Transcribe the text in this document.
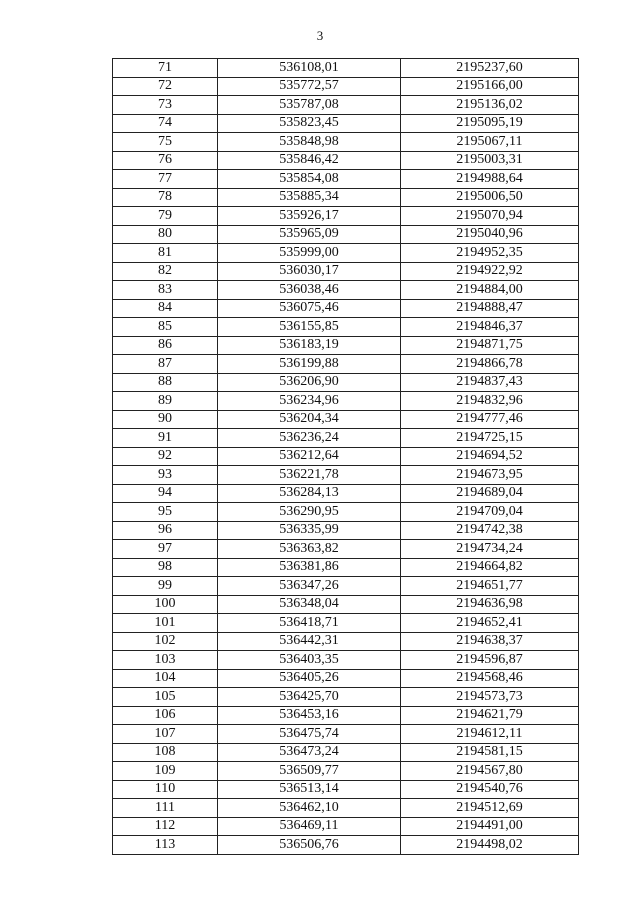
3
71	536108,01	2195237,60
72	535772,57	2195166,00
73	535787,08	2195136,02
74	535823,45	2195095,19
75	535848,98	2195067,11
76	535846,42	2195003,31
77	535854,08	2194988,64
78	535885,34	2195006,50
79	535926,17	2195070,94
80	535965,09	2195040,96
81	535999,00	2194952,35
82	536030,17	2194922,92
83	536038,46	2194884,00
84	536075,46	2194888,47
85	536155,85	2194846,37
86	536183,19	2194871,75
87	536199,88	2194866,78
88	536206,90	2194837,43
89	536234,96	2194832,96
90	536204,34	2194777,46
91	536236,24	2194725,15
92	536212,64	2194694,52
93	536221,78	2194673,95
94	536284,13	2194689,04
95	536290,95	2194709,04
96	536335,99	2194742,38
97	536363,82	2194734,24
98	536381,86	2194664,82
99	536347,26	2194651,77
100	536348,04	2194636,98
101	536418,71	2194652,41
102	536442,31	2194638,37
103	536403,35	2194596,87
104	536405,26	2194568,46
105	536425,70	2194573,73
106	536453,16	2194621,79
107	536475,74	2194612,11
108	536473,24	2194581,15
109	536509,77	2194567,80
110	536513,14	2194540,76
111	536462,10	2194512,69
112	536469,11	2194491,00
113	536506,76	2194498,02
